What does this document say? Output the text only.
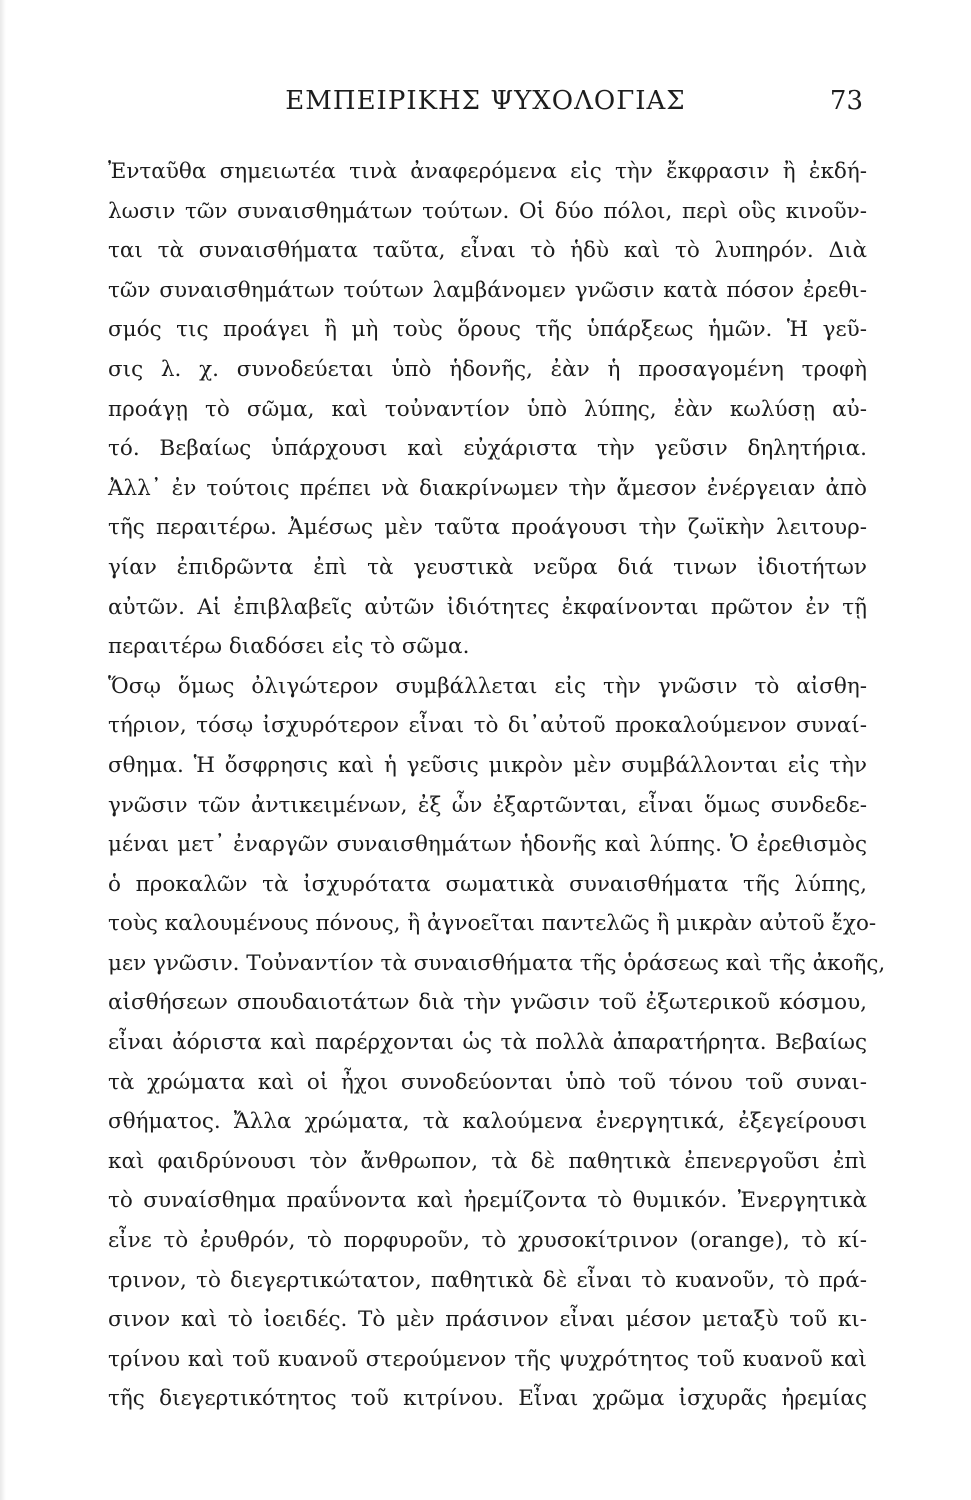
ΕΜΠΕΙΡΙΚΗΣ ΨΥΧΟΛΟΓΙΑΣ	73
Ἐνταῦθα σημειωτέα τινὰ ἀναφερόμενα εἰς τὴν ἔκφρασιν ἢ ἐκδή-
λωσιν τῶν συναισθημάτων τούτων. Οἱ δύο πόλοι, περὶ οὓς κινοῦν-
ται τὰ συναισθήματα ταῦτα, εἶναι τὸ ἡδὺ καὶ τὸ λυπηρόν. Διὰ
τῶν συναισθημάτων τούτων λαμβάνομεν γνῶσιν κατὰ πόσον ἐρεθι-
σμός τις προάγει ἢ μὴ τοὺς ὅρους τῆς ὑπάρξεως ἡμῶν. Ἡ γεῦ-
σις λ. χ. συνοδεύεται ὑπὸ ἡδονῆς, ἐὰν ἡ προσαγομένη τροφὴ
προάγῃ τὸ σῶμα, καὶ τοὐναντίον ὑπὸ λύπης, ἐὰν κωλύσῃ αὐ-
τό. Βεβαίως ὑπάρχουσι καὶ εὐχάριστα τὴν γεῦσιν δηλητήρια.
Ἀλλ᾽ ἐν τούτοις πρέπει νὰ διακρίνωμεν τὴν ἄμεσον ἐνέργειαν ἀπὸ
τῆς περαιτέρω. Ἀμέσως μὲν ταῦτα προάγουσι τὴν ζωϊκὴν λειτουρ-
γίαν ἐπιδρῶντα ἐπὶ τὰ γευστικὰ νεῦρα διά τινων ἰδιοτήτων
αὐτῶν. Αἱ ἐπιβλαβεῖς αὐτῶν ἰδιότητες ἐκφαίνονται πρῶτον ἐν τῇ
περαιτέρω διαδόσει εἰς τὸ σῶμα.
Ὅσῳ ὅμως ὀλιγώτερον συμβάλλεται εἰς τὴν γνῶσιν τὸ αἰσθη-
τήριον, τόσῳ ἰσχυρότερον εἶναι τὸ δι᾽αὐτοῦ προκαλούμενον συναί-
σθημα. Ἡ ὄσφρησις καὶ ἡ γεῦσις μικρὸν μὲν συμβάλλονται εἰς τὴν
γνῶσιν τῶν ἀντικειμένων, ἐξ ὧν ἐξαρτῶνται, εἶναι ὅμως συνδεδε-
μέναι μετ᾽ ἐναργῶν συναισθημάτων ἡδονῆς καὶ λύπης. Ὁ ἐρεθισμὸς
ὁ προκαλῶν τὰ ἰσχυρότατα σωματικὰ συναισθήματα τῆς λύπης,
τοὺς καλουμένους πόνους, ἢ ἀγνοεῖται παντελῶς ἢ μικρὰν αὐτοῦ ἔχο-
μεν γνῶσιν. Τοὐναντίον τὰ συναισθήματα τῆς ὁράσεως καὶ τῆς ἀκοῆς,
αἰσθήσεων σπουδαιοτάτων διὰ τὴν γνῶσιν τοῦ ἐξωτερικοῦ κόσμου,
εἶναι ἀόριστα καὶ παρέρχονται ὡς τὰ πολλὰ ἀπαρατήρητα. Βεβαίως
τὰ χρώματα καὶ οἱ ἦχοι συνοδεύονται ὑπὸ τοῦ τόνου τοῦ συναι-
σθήματος. Ἄλλα χρώματα, τὰ καλούμενα ἐνεργητικά, ἐξεγείρουσι
καὶ φαιδρύνουσι τὸν ἄνθρωπον, τὰ δὲ παθητικὰ ἐπενεργοῦσι ἐπὶ
τὸ συναίσθημα πραΰνοντα καὶ ἠρεμίζοντα τὸ θυμικόν. Ἐνεργητικὰ
εἶνε τὸ ἐρυθρόν, τὸ πορφυροῦν, τὸ χρυσοκίτρινον (orange), τὸ κί-
τρινον, τὸ διεγερτικώτατον, παθητικὰ δὲ εἶναι τὸ κυανοῦν, τὸ πρά-
σινον καὶ τὸ ἰοειδές. Τὸ μὲν πράσινον εἶναι μέσον μεταξὺ τοῦ κι-
τρίνου καὶ τοῦ κυανοῦ στερούμενον τῆς ψυχρότητος τοῦ κυανοῦ καὶ
τῆς διεγερτικότητος τοῦ κιτρίνου. Εἶναι χρῶμα ἰσχυρᾶς ἠρεμίας
